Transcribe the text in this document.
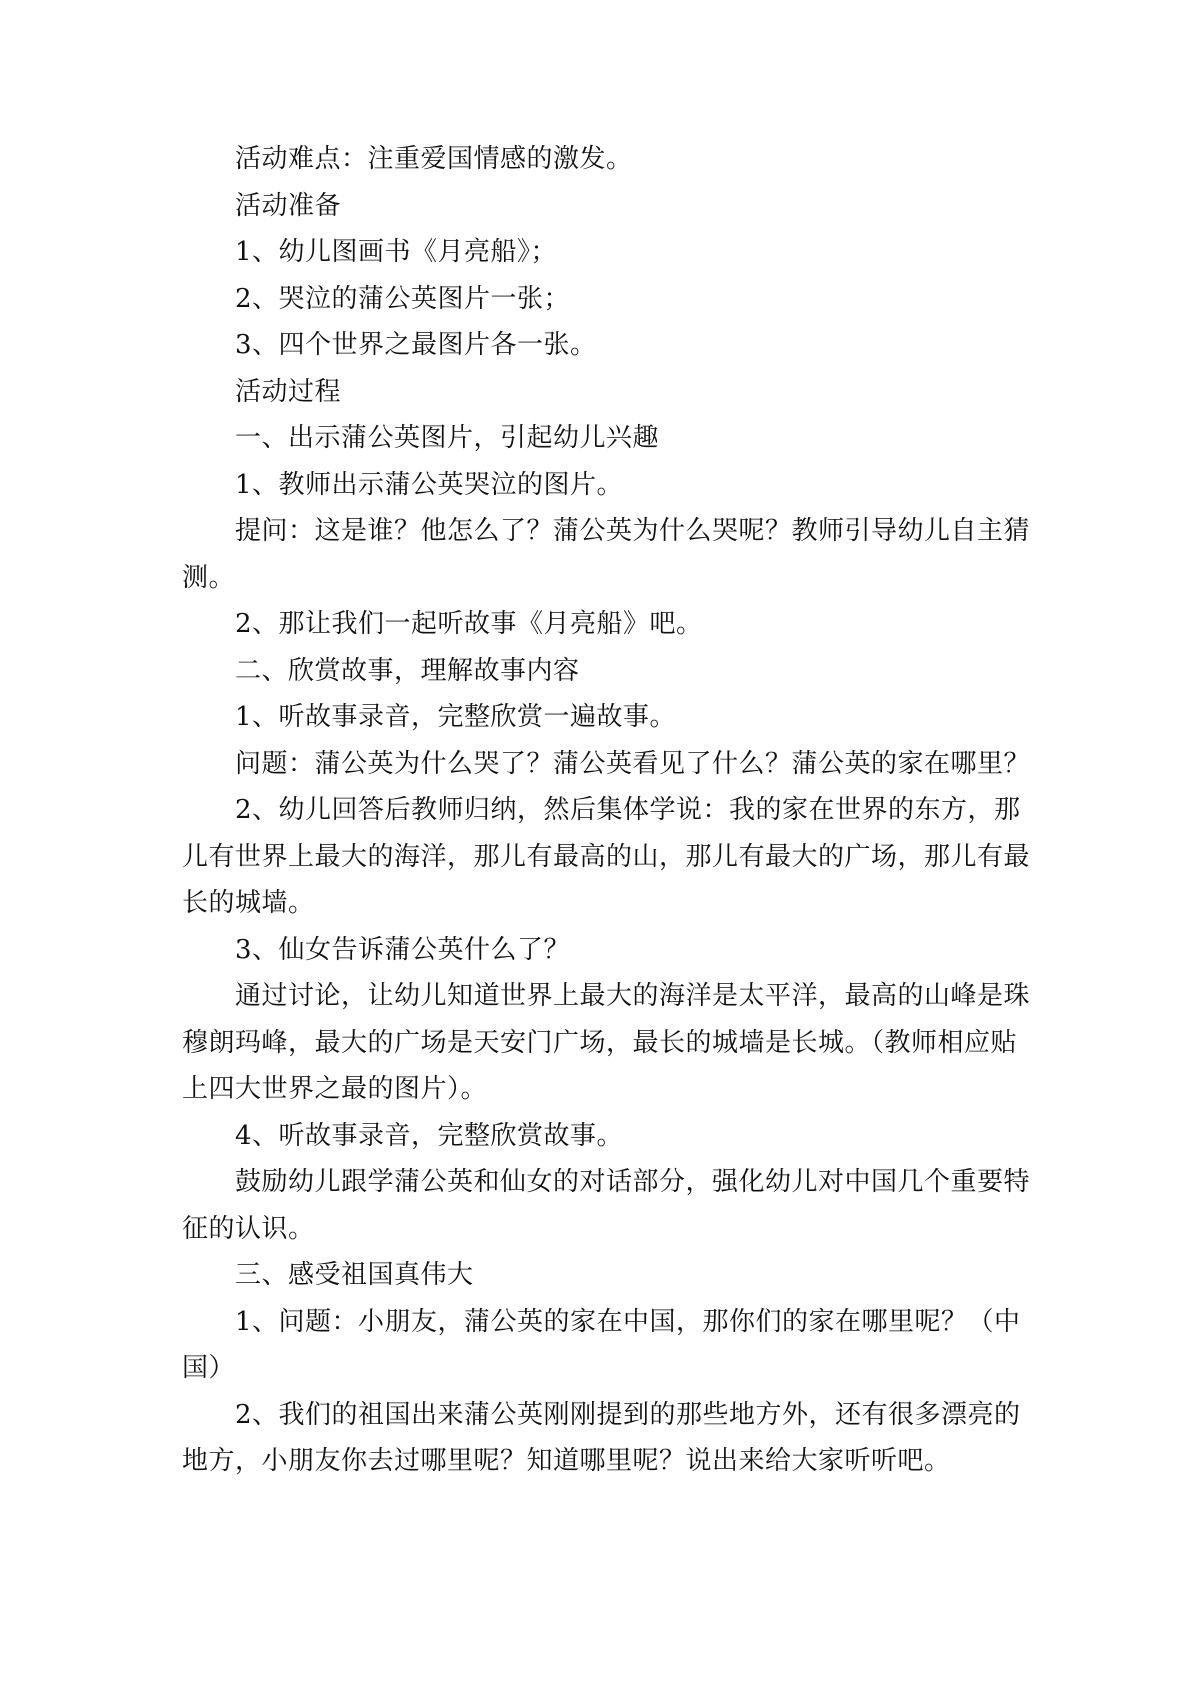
活动难点：注重爱国情感的激发。

活动准备

1、幼儿图画书《月亮船》；

2、哭泣的蒲公英图片一张；

3、四个世界之最图片各一张。

活动过程

一、出示蒲公英图片，引起幼儿兴趣

1、教师出示蒲公英哭泣的图片。

提问：这是谁？他怎么了？蒲公英为什么哭呢？教师引导幼儿自主猜测。

2、那让我们一起听故事《月亮船》吧。

二、欣赏故事，理解故事内容

1、听故事录音，完整欣赏一遍故事。

问题：蒲公英为什么哭了？蒲公英看见了什么？蒲公英的家在哪里？

2、幼儿回答后教师归纳，然后集体学说：我的家在世界的东方，那儿有世界上最大的海洋，那儿有最高的山，那儿有最大的广场，那儿有最长的城墙。

3、仙女告诉蒲公英什么了？

通过讨论，让幼儿知道世界上最大的海洋是太平洋，最高的山峰是珠穆朗玛峰，最大的广场是天安门广场，最长的城墙是长城。（教师相应贴上四大世界之最的图片）。

4、听故事录音，完整欣赏故事。

鼓励幼儿跟学蒲公英和仙女的对话部分，强化幼儿对中国几个重要特征的认识。

三、感受祖国真伟大

1、问题：小朋友，蒲公英的家在中国，那你们的家在哪里呢？（中国）

2、我们的祖国出来蒲公英刚刚提到的那些地方外，还有很多漂亮的地方，小朋友你去过哪里呢？知道哪里呢？说出来给大家听听吧。
